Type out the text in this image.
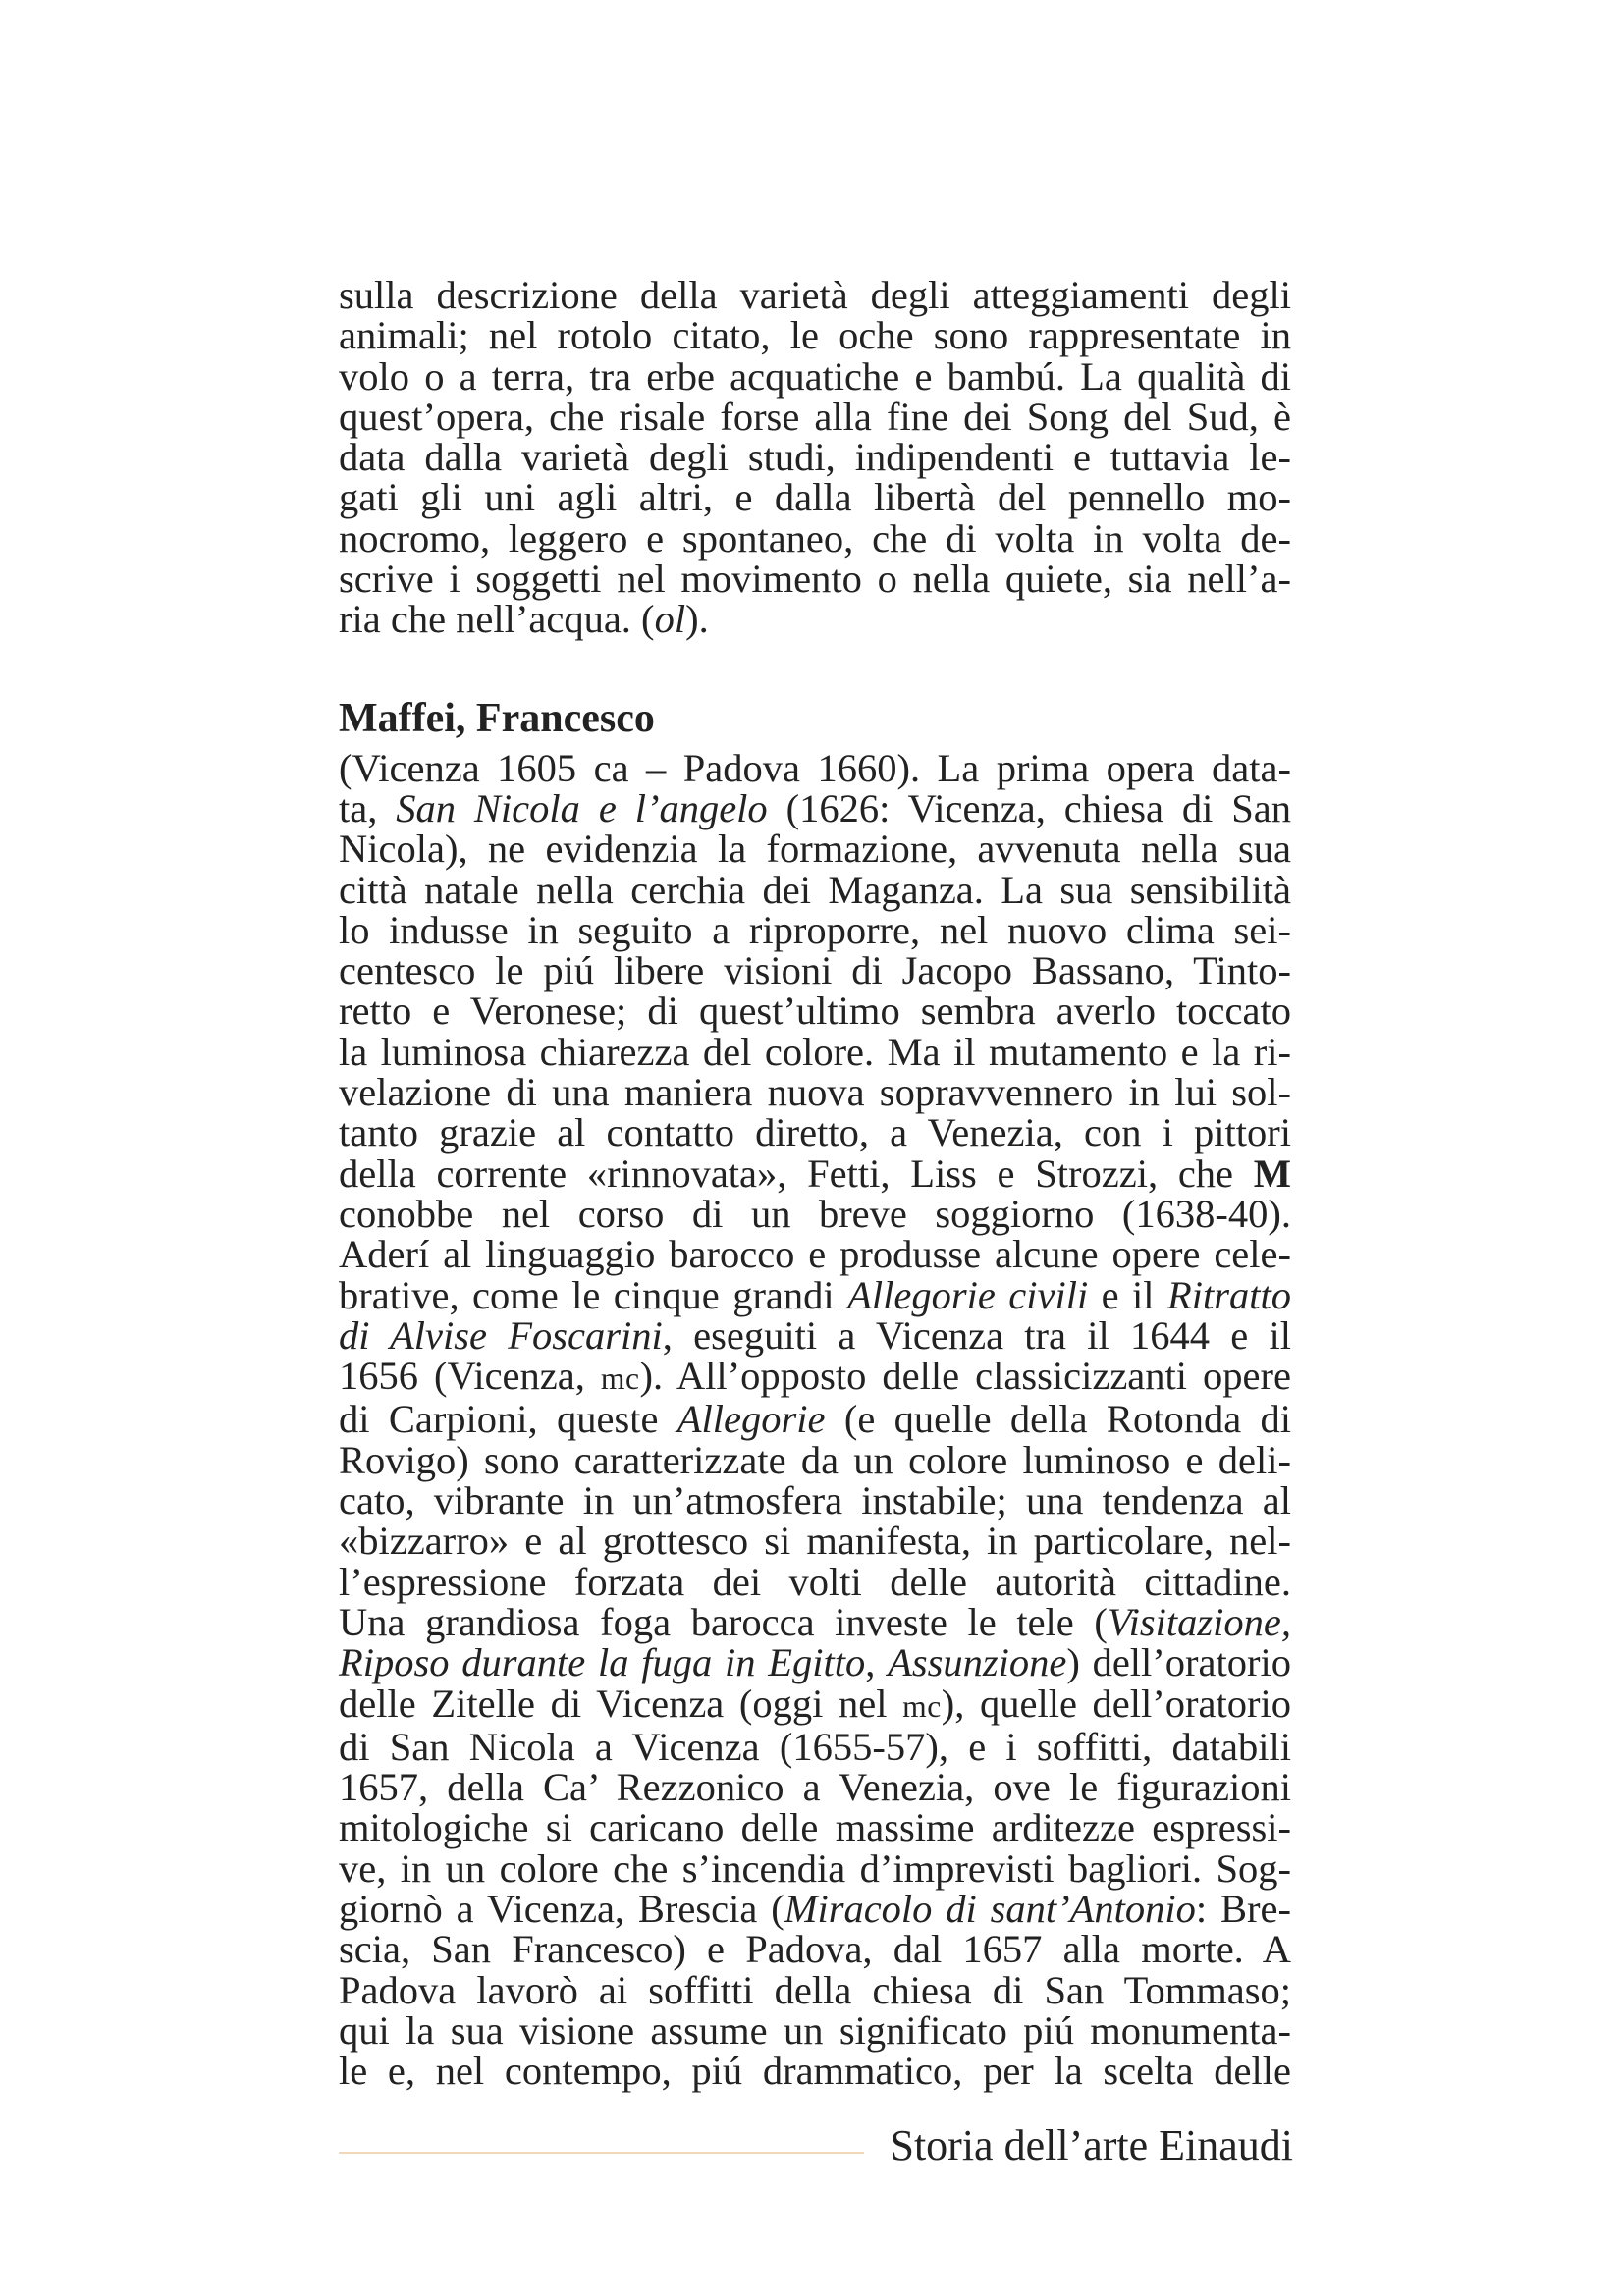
sulla descrizione della varietà degli atteggiamenti degli
animali; nel rotolo citato, le oche sono rappresentate in
volo o a terra, tra erbe acquatiche e bambú. La qualità di
quest’opera, che risale forse alla fine dei Song del Sud, è
data dalla varietà degli studi, indipendenti e tuttavia le-
gati gli uni agli altri, e dalla libertà del pennello mo-
nocromo, leggero e spontaneo, che di volta in volta de-
scrive i soggetti nel movimento o nella quiete, sia nell’a-
ria che nell’acqua. (ol).
Maffei, Francesco
(Vicenza 1605 ca – Padova 1660). La prima opera data-
ta, San Nicola e l’angelo (1626: Vicenza, chiesa di San
Nicola), ne evidenzia la formazione, avvenuta nella sua
città natale nella cerchia dei Maganza. La sua sensibilità
lo indusse in seguito a riproporre, nel nuovo clima sei-
centesco le piú libere visioni di Jacopo Bassano, Tinto-
retto e Veronese; di quest’ultimo sembra averlo toccato
la luminosa chiarezza del colore. Ma il mutamento e la ri-
velazione di una maniera nuova sopravvennero in lui sol-
tanto grazie al contatto diretto, a Venezia, con i pittori
della corrente «rinnovata», Fetti, Liss e Strozzi, che M
conobbe nel corso di un breve soggiorno (1638-40).
Aderí al linguaggio barocco e produsse alcune opere cele-
brative, come le cinque grandi Allegorie civili e il Ritratto
di Alvise Foscarini, eseguiti a Vicenza tra il 1644 e il
1656 (Vicenza, mc). All’opposto delle classicizzanti opere
di Carpioni, queste Allegorie (e quelle della Rotonda di
Rovigo) sono caratterizzate da un colore luminoso e deli-
cato, vibrante in un’atmosfera instabile; una tendenza al
«bizzarro» e al grottesco si manifesta, in particolare, nel-
l’espressione forzata dei volti delle autorità cittadine.
Una grandiosa foga barocca investe le tele (Visitazione,
Riposo durante la fuga in Egitto, Assunzione) dell’oratorio
delle Zitelle di Vicenza (oggi nel mc), quelle dell’oratorio
di San Nicola a Vicenza (1655-57), e i soffitti, databili
1657, della Ca’ Rezzonico a Venezia, ove le figurazioni
mitologiche si caricano delle massime arditezze espressi-
ve, in un colore che s’incendia d’imprevisti bagliori. Sog-
giornò a Vicenza, Brescia (Miracolo di sant’Antonio: Bre-
scia, San Francesco) e Padova, dal 1657 alla morte. A
Padova lavorò ai soffitti della chiesa di San Tommaso;
qui la sua visione assume un significato piú monumenta-
le e, nel contempo, piú drammatico, per la scelta delle
Storia dell’arte Einaudi
